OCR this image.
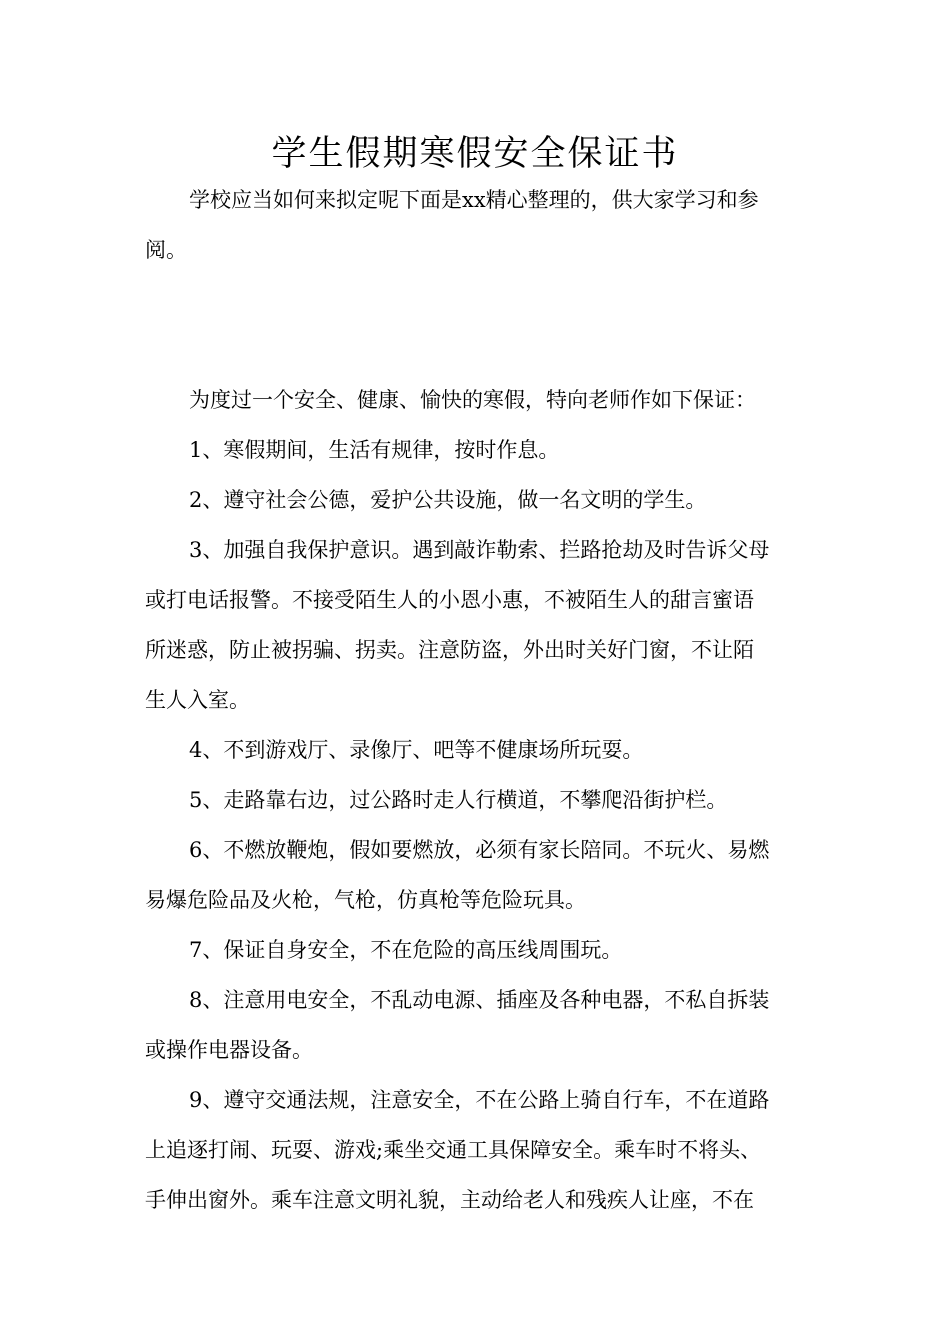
学生假期寒假安全保证书
学校应当如何来拟定呢下面是xx精心整理的，供大家学习和参
阅。
为度过一个安全、健康、愉快的寒假，特向老师作如下保证：
1、寒假期间，生活有规律，按时作息。
2、遵守社会公德，爱护公共设施，做一名文明的学生。
3、加强自我保护意识。遇到敲诈勒索、拦路抢劫及时告诉父母
或打电话报警。不接受陌生人的小恩小惠，不被陌生人的甜言蜜语
所迷惑，防止被拐骗、拐卖。注意防盗，外出时关好门窗，不让陌
生人入室。
4、不到游戏厅、录像厅、吧等不健康场所玩耍。
5、走路靠右边，过公路时走人行横道，不攀爬沿街护栏。
6、不燃放鞭炮，假如要燃放，必须有家长陪同。不玩火、易燃
易爆危险品及火枪，气枪，仿真枪等危险玩具。
7、保证自身安全，不在危险的高压线周围玩。
8、注意用电安全，不乱动电源、插座及各种电器，不私自拆装
或操作电器设备。
9、遵守交通法规，注意安全，不在公路上骑自行车，不在道路
上追逐打闹、玩耍、游戏;乘坐交通工具保障安全。乘车时不将头、
手伸出窗外。乘车注意文明礼貌，主动给老人和残疾人让座，不在
